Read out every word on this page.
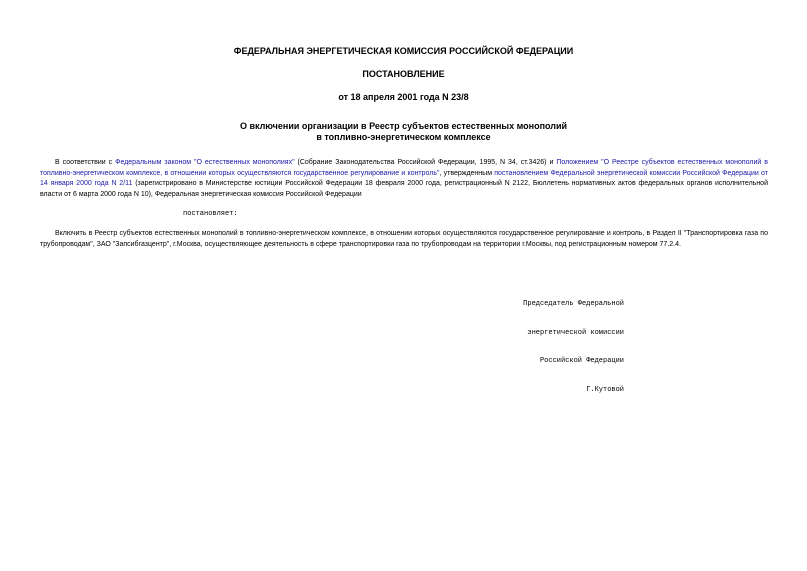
ФЕДЕРАЛЬНАЯ ЭНЕРГЕТИЧЕСКАЯ КОМИССИЯ РОССИЙСКОЙ ФЕДЕРАЦИИ
ПОСТАНОВЛЕНИЕ
от 18 апреля 2001 года N 23/8
О включении организации в Реестр субъектов естественных монополий
в топливно-энергетическом комплексе
В соответствии с Федеральным законом "О естественных монополиях" (Собрание Законодательства Российской Федерации, 1995, N 34, ст.3426) и Положением "О Реестре субъектов естественных монополий в топливно-энергетическом комплексе, в отношении которых осуществляются государственное регулирование и контроль", утвержденным постановлением Федеральной энергетической комиссии Российской Федерации от 14 января 2000 года N 2/11 (зарегистрировано в Министерстве юстиции Российской Федерации 18 февраля 2000 года, регистрационный N 2122, Бюллетень нормативных актов федеральных органов исполнительной власти от 6 марта 2000 года N 10), Федеральная энергетическая комиссия Российской Федерации
постановляет:
Включить в Реестр субъектов естественных монополий в топливно-энергетическом комплексе, в отношении которых осуществляются государственное регулирование и контроль, в Раздел II "Транспортировка газа по трубопроводам", ЗАО "Запсибгазцентр", г.Москва, осуществляющее деятельность в сфере транспортировки газа по трубопроводам на территории г.Москвы, под регистрационным номером 77.2.4.

Председатель Федеральной

энергетической комиссии

Российской Федерации

Г.Кутовой
